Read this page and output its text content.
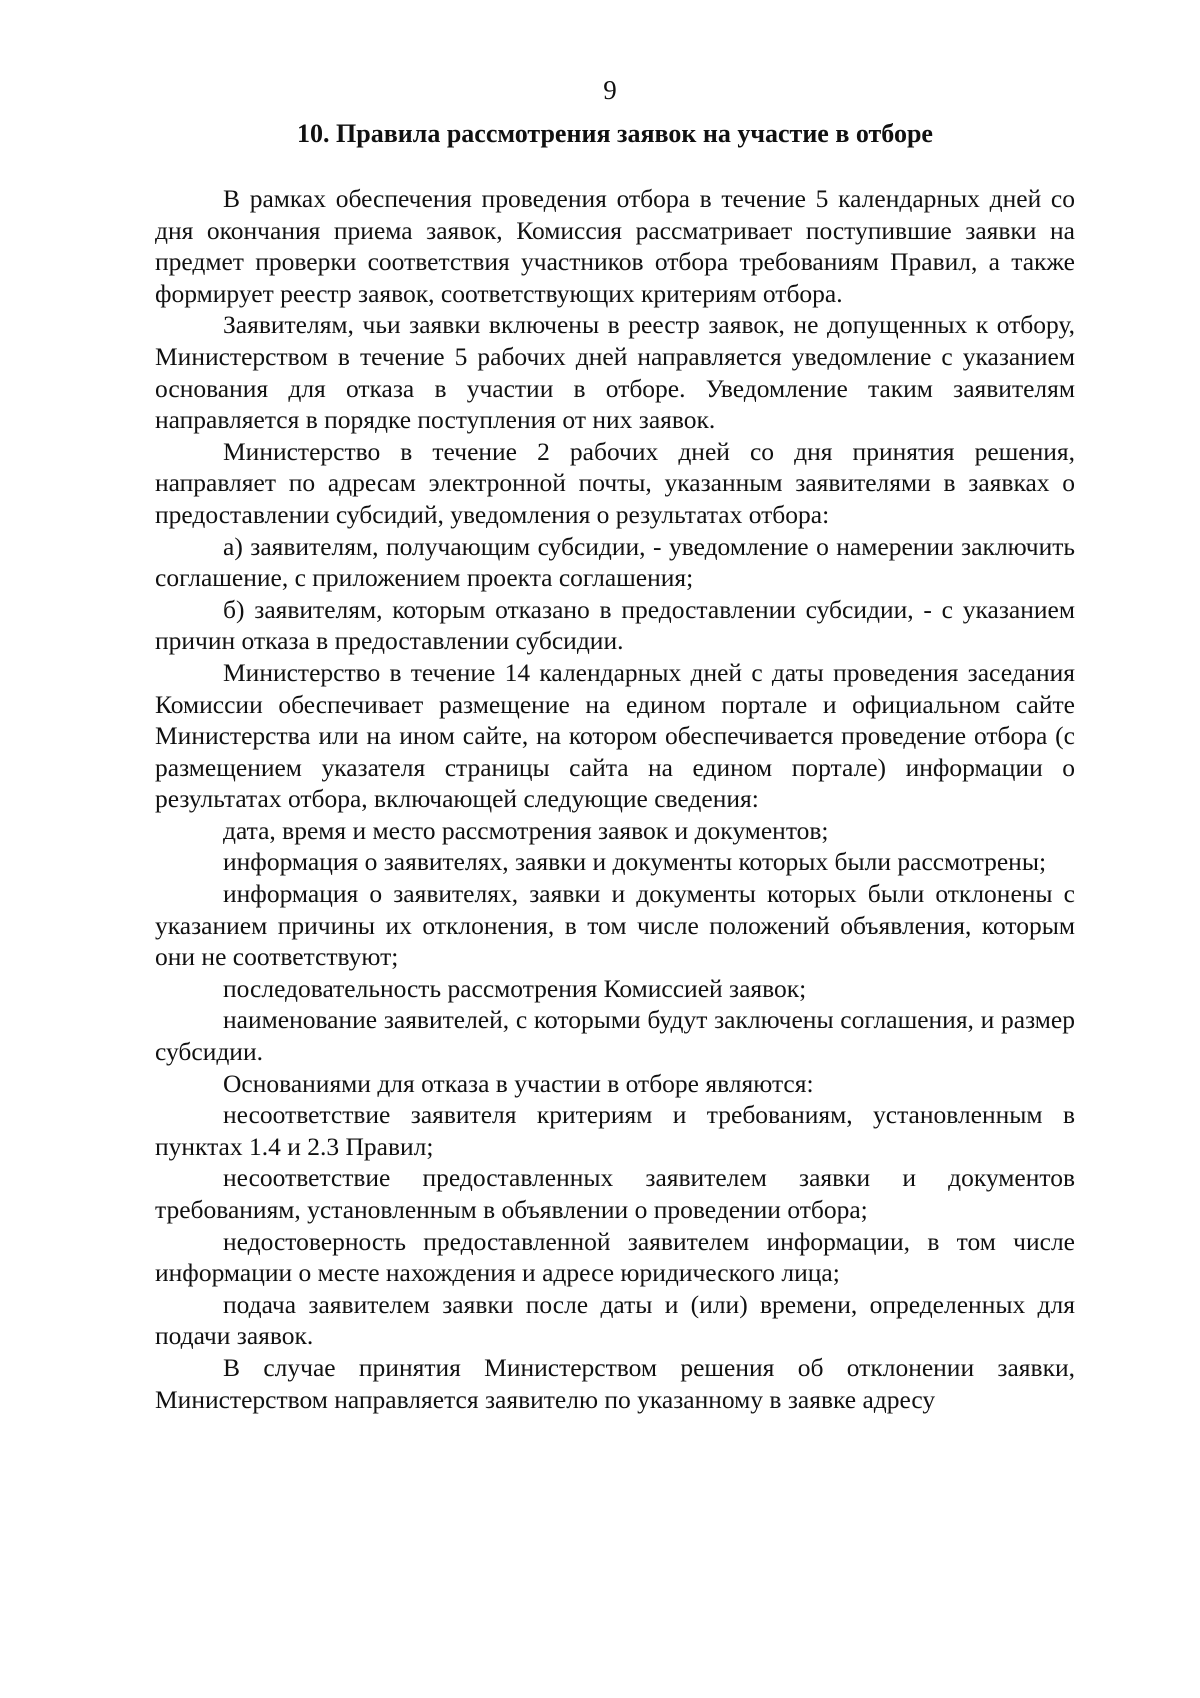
9
10. Правила рассмотрения заявок на участие в отборе

В рамках обеспечения проведения отбора в течение 5 календарных дней со дня окончания приема заявок, Комиссия рассматривает поступившие заявки на предмет проверки соответствия участников отбора требованиям Правил, а также формирует реестр заявок, соответствующих критериям отбора.

Заявителям, чьи заявки включены в реестр заявок, не допущенных к отбору, Министерством в течение 5 рабочих дней направляется уведомление с указанием основания для отказа в участии в отборе. Уведомление таким заявителям направляется в порядке поступления от них заявок.

Министерство в течение 2 рабочих дней со дня принятия решения, направляет по адресам электронной почты, указанным заявителями в заявках о предоставлении субсидий, уведомления о результатах отбора:

а) заявителям, получающим субсидии, - уведомление о намерении заключить соглашение, с приложением проекта соглашения;

б) заявителям, которым отказано в предоставлении субсидии, - с указанием причин отказа в предоставлении субсидии.

Министерство в течение 14 календарных дней с даты проведения заседания Комиссии обеспечивает размещение на едином портале и официальном сайте Министерства или на ином сайте, на котором обеспечивается проведение отбора (с размещением указателя страницы сайта на едином портале) информации о результатах отбора, включающей следующие сведения:

дата, время и место рассмотрения заявок и документов;

информация о заявителях, заявки и документы которых были рассмотрены;

информация о заявителях, заявки и документы которых были отклонены с указанием причины их отклонения, в том числе положений объявления, которым они не соответствуют;

последовательность рассмотрения Комиссией заявок;

наименование заявителей, с которыми будут заключены соглашения, и размер субсидии.

Основаниями для отказа в участии в отборе являются:

несоответствие заявителя критериям и требованиям, установленным в пунктах 1.4 и 2.3 Правил;

несоответствие предоставленных заявителем заявки и документов требованиям, установленным в объявлении о проведении отбора;

недостоверность предоставленной заявителем информации, в том числе информации о месте нахождения и адресе юридического лица;

подача заявителем заявки после даты и (или) времени, определенных для подачи заявок.

В случае принятия Министерством решения об отклонении заявки, Министерством направляется заявителю по указанному в заявке адресу
